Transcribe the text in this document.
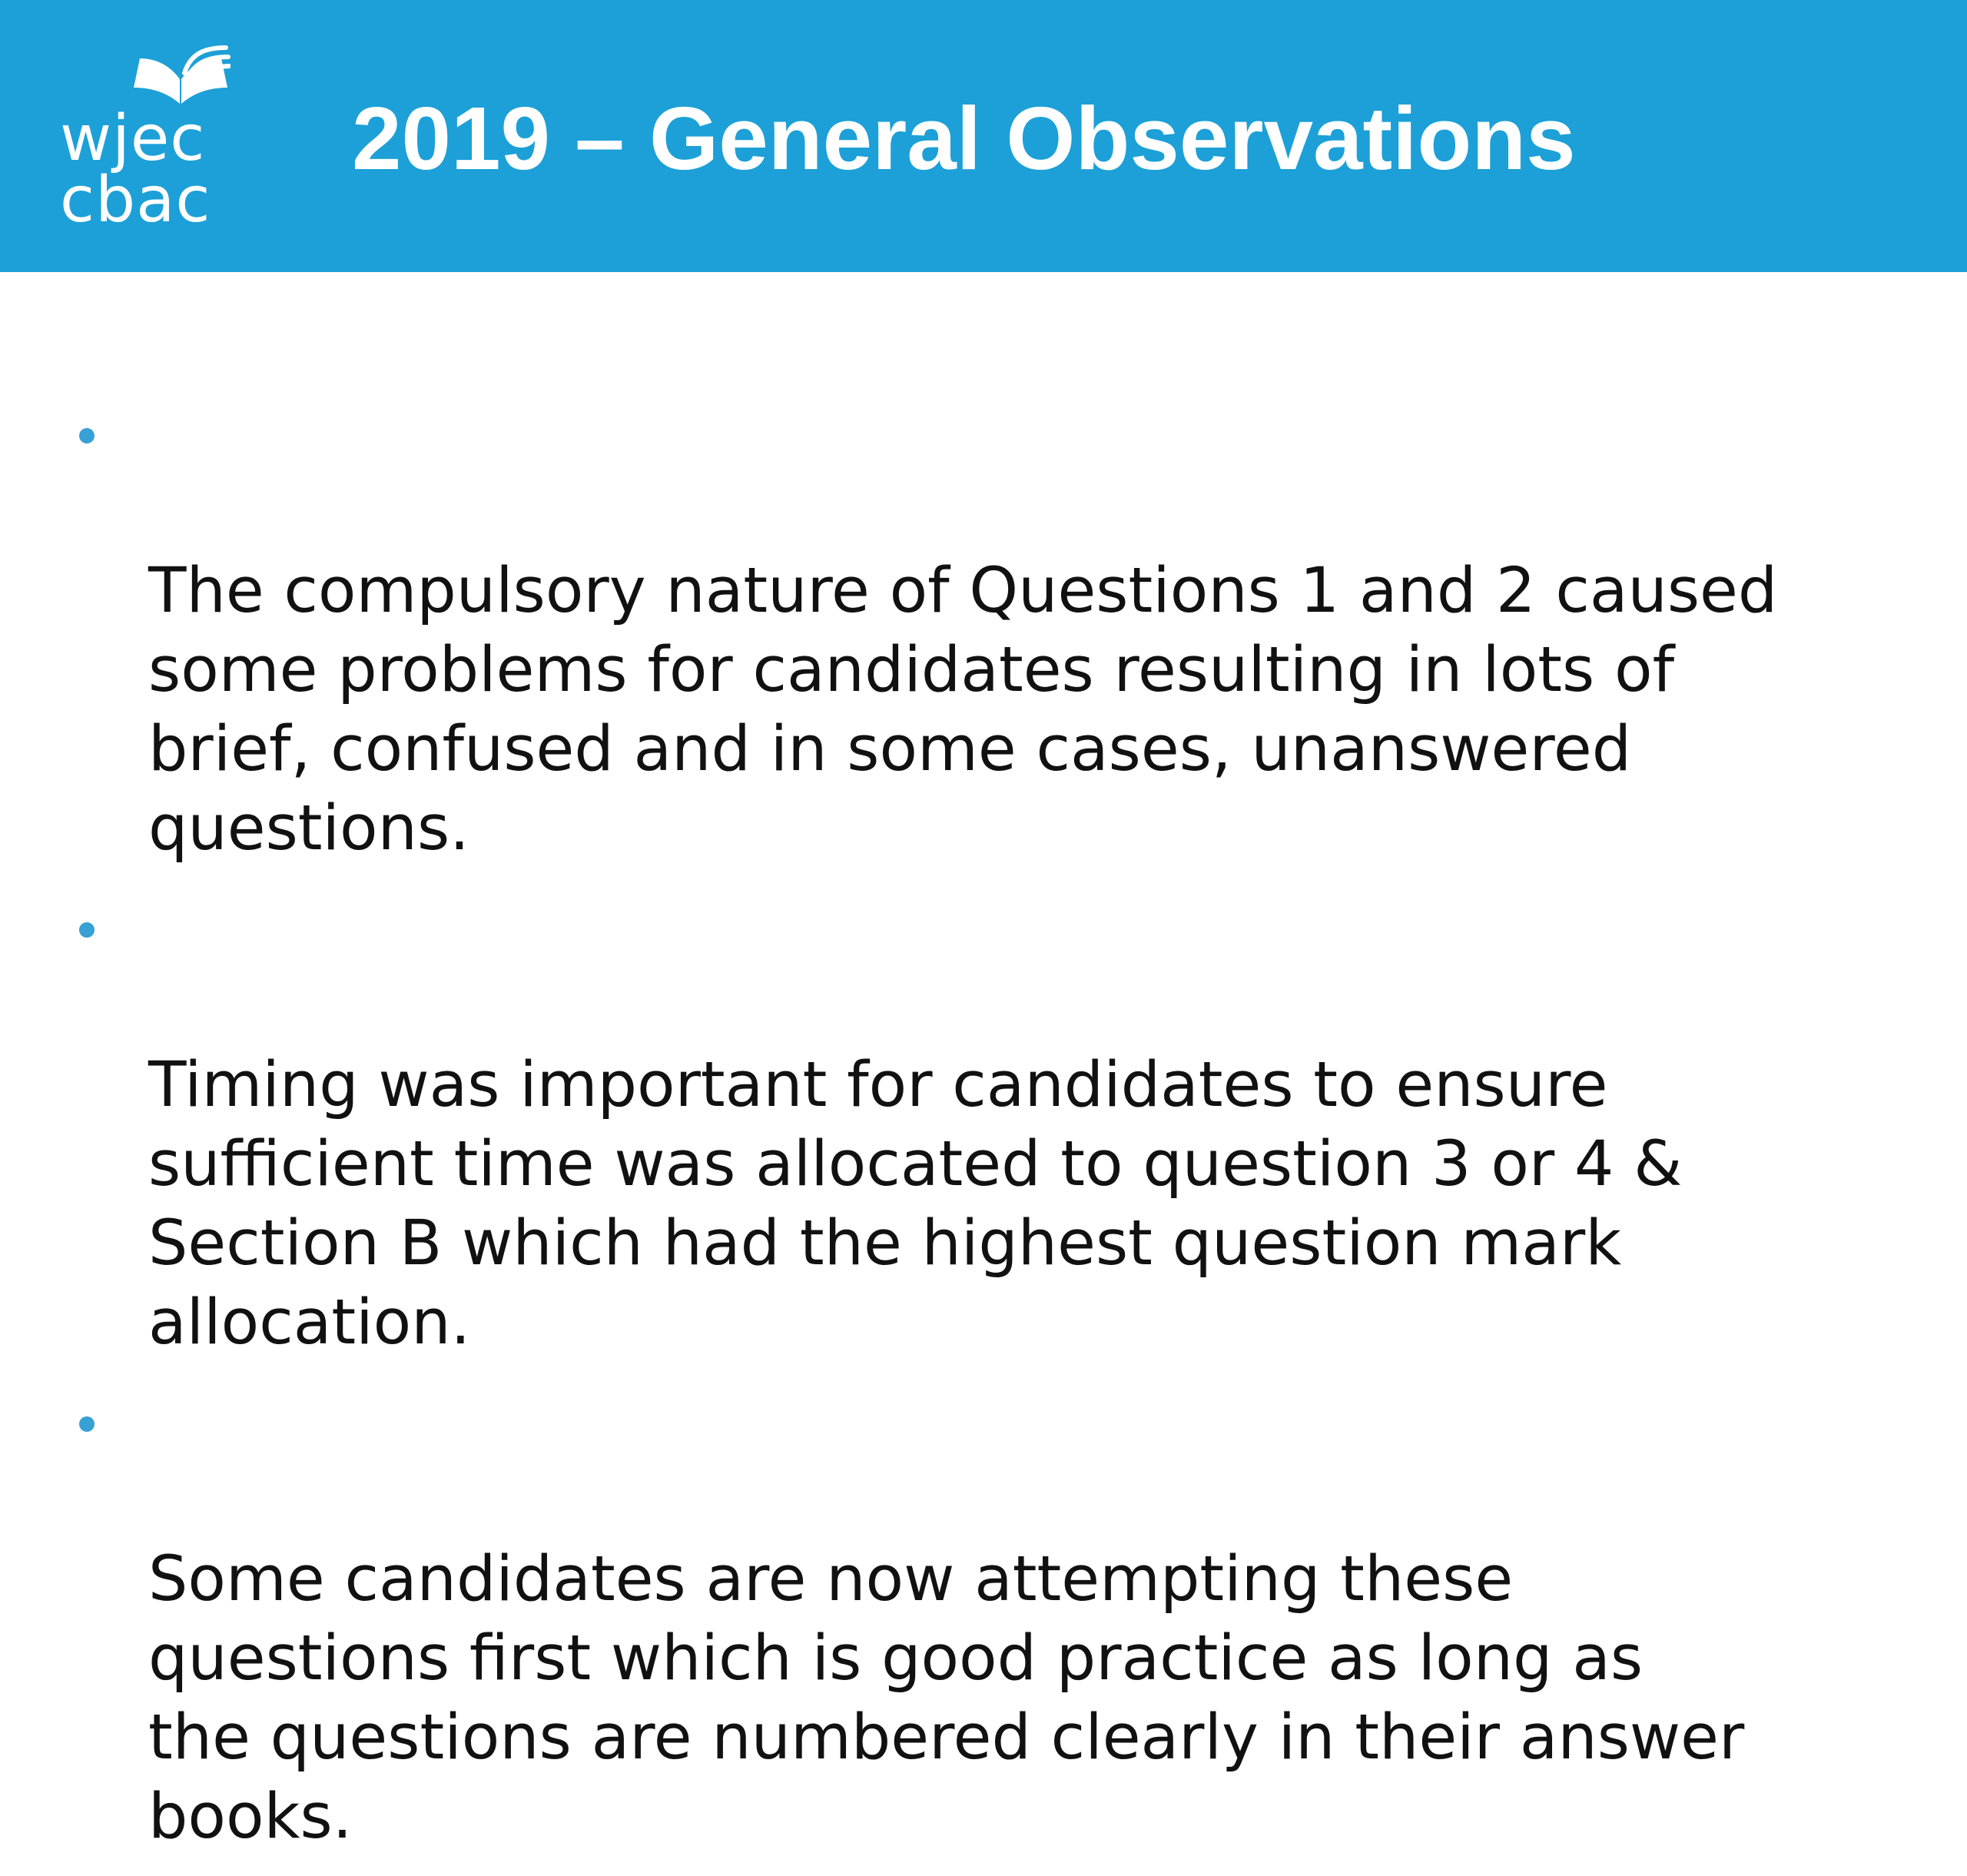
wjec
cbac
2019 – General Observations

The compulsory nature of Questions 1 and 2 caused
some problems for candidates resulting in lots of
brief, confused and in some cases, unanswered
questions.

Timing was important for candidates to ensure
sufficient time was allocated to question 3 or 4 &
Section B which had the highest question mark
allocation.

Some candidates are now attempting these
questions first which is good practice as long as
the questions are numbered clearly in their answer
books.
